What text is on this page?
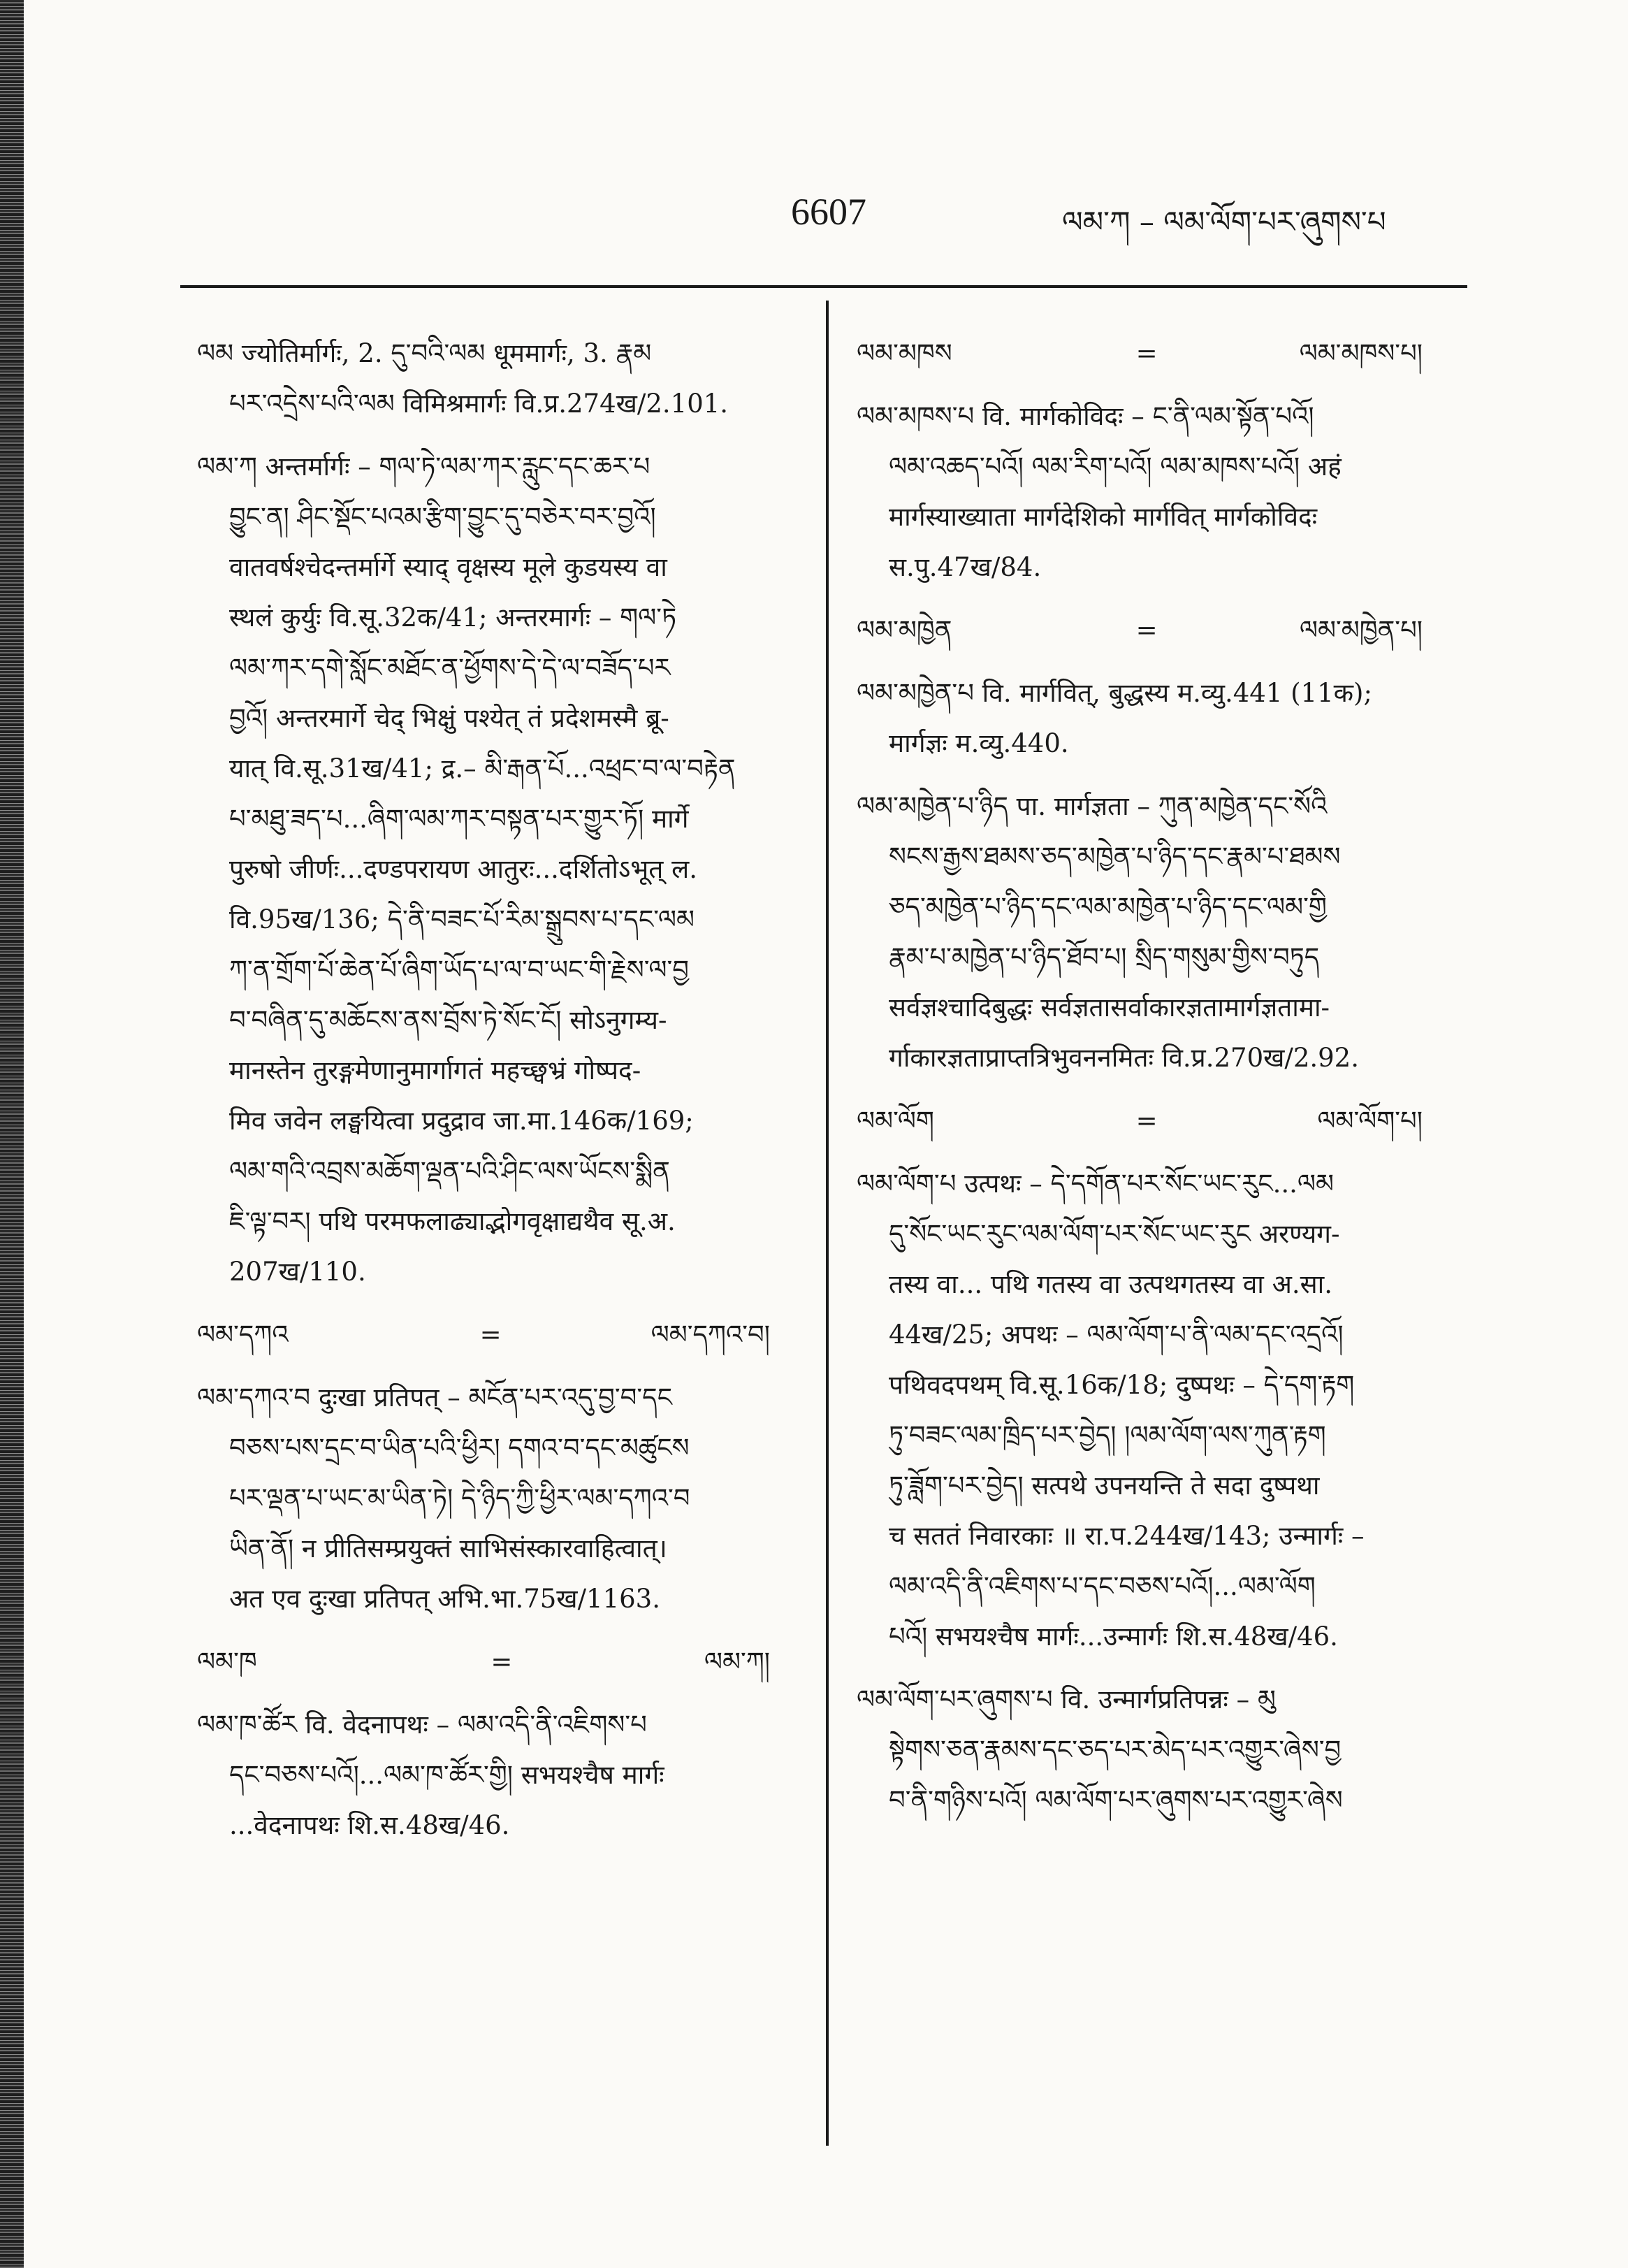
6607	ལམ་ཀ – ལམ་ལོག་པར་ཞུགས་པ
ལམ ज्योतिर्मार्गः, 2. དུ་བའི་ལམ धूममार्गः, 3. རྣམ
པར་འདྲེས་པའི་ལམ विमिश्रमार्गः वि.प्र.274ख/2.101.
ལམ་ཀ अन्तर्मार्गः – གལ་ཏེ་ལམ་ཀར་རླུང་དང་ཆར་པ
བྱུང་ན། ཤིང་སྡོང་པའམ་རྩིག་བྱུང་དུ་བཅེར་བར་བྱའོ།
वातवर्षश्चेदन्तर्मार्गे स्याद् वृक्षस्य मूले कुडयस्य वा
स्थलं कुर्युः वि.सू.32क/41; अन्तरमार्गः – གལ་ཏེ
ལམ་ཀར་དགེ་སློང་མཐོང་ན་ཕྱོགས་དེ་དེ་ལ་བཟོད་པར
བྱའོ། अन्तरमार्गे चेद् भिक्षुं पश्येत् तं प्रदेशमस्मै ब्रू-
यात् वि.सू.31ख/41; द्र.– མི་རྒན་པོ...འཕྲང་བ་ལ་བརྟེན
པ་མཐུ་ཟད་པ...ཞིག་ལམ་ཀར་བསྟན་པར་གྱུར་ཏོ། मार्गे
पुरुषो जीर्णः...दण्डपरायण आतुरः...दर्शितोऽभूत् ल.
वि.95ख/136; དེ་ནི་བཟང་པོ་རིམ་སྒྲུབས་པ་དང་ལམ
ཀ་ན་གྲོག་པོ་ཆེན་པོ་ཞིག་ཡོད་པ་ལ་བ་ཡང་གི་རྗེས་ལ་བྱ
བ་བཞིན་དུ་མཆོངས་ནས་བྲོས་ཏེ་སོང་ངོ། सोऽनुगम्य-
मानस्तेन तुरङ्गमेणानुमार्गागतं महच्छ्वभ्रं गोष्पद-
मिव जवेन लङ्घयित्वा प्रदुद्राव जा.मा.146क/169;
ལམ་གའི་འབྲས་མཆོག་ལྡན་པའི་ཤིང་ལས་ཡོངས་སྨིན
ཇི་ལྟ་བར། पथि परमफलाढ्याद्भोगवृक्षाद्यथैव सू.अ.
207ख/110.
ལམ་དཀའ	=	ལམ་དཀའ་བ།
ལམ་དཀའ་བ दुःखा प्रतिपत् – མངོན་པར་འདུ་བྱ་བ་དང
བཅས་པས་དྲང་བ་ཡིན་པའི་ཕྱིར། དགའ་བ་དང་མཚུངས
པར་ལྡན་པ་ཡང་མ་ཡིན་ཏེ། དེ་ཉིད་ཀྱི་ཕྱིར་ལམ་དཀའ་བ
ཡིན་ནོ། न प्रीतिसम्प्रयुक्तं साभिसंस्कारवाहित्वात्।
अत एव दुःखा प्रतिपत् अभि.भा.75ख/1163.
ལམ་ཁ	=	ལམ་ཀ།
ལམ་ཁ་ཚོར वि. वेदनापथः – ལམ་འདི་ནི་འཇིགས་པ
དང་བཅས་པའོ།...ལམ་ཁ་ཚོར་གྱི། सभयश्चैष मार्गः
...वेदनापथः शि.स.48ख/46.
ལམ་མཁས	=	ལམ་མཁས་པ།
ལམ་མཁས་པ वि. मार्गकोविदः – ང་ནི་ལམ་སྟོན་པའོ།
ལམ་འཆད་པའོ། ལམ་རིག་པའོ། ལམ་མཁས་པའོ། अहं
मार्गस्याख्याता मार्गदेशिको मार्गवित् मार्गकोविदः
स.पु.47ख/84.
ལམ་མཁྱེན	=	ལམ་མཁྱེན་པ།
ལམ་མཁྱེན་པ वि. मार्गवित्, बुद्धस्य म.व्यु.441 (11क);
मार्गज्ञः म.व्यु.440.
ལམ་མཁྱེན་པ་ཉིད पा. मार्गज्ञता – ཀུན་མཁྱེན་དང་སོའི
སངས་རྒྱས་ཐམས་ཅད་མཁྱེན་པ་ཉིད་དང་རྣམ་པ་ཐམས
ཅད་མཁྱེན་པ་ཉིད་དང་ལམ་མཁྱེན་པ་ཉིད་དང་ལམ་གྱི
རྣམ་པ་མཁྱེན་པ་ཉིད་ཐོབ་པ། སྲིད་གསུམ་གྱིས་བཏུད
सर्वज्ञश्चादिबुद्धः सर्वज्ञतासर्वाकारज्ञतामार्गज्ञतामा-
र्गाकारज्ञताप्राप्तत्रिभुवननमितः वि.प्र.270ख/2.92.
ལམ་ལོག	=	ལམ་ལོག་པ།
ལམ་ལོག་པ उत्पथः – དེ་དགོན་པར་སོང་ཡང་རུང...ལམ
དུ་སོང་ཡང་རུང་ལམ་ལོག་པར་སོང་ཡང་རུང अरण्यग-
तस्य वा... पथि गतस्य वा उत्पथगतस्य वा अ.सा.
44ख/25; अपथः – ལམ་ལོག་པ་ནི་ལམ་དང་འདྲའོ།
पथिवदपथम् वि.सू.16क/18; दुष्पथः – དེ་དག་རྟག
ཏུ་བཟང་ལམ་ཁྲིད་པར་བྱེད། །ལམ་ལོག་ལས་ཀུན་རྟག
ཏུ་ཟློག་པར་བྱེད། सत्पथे उपनयन्ति ते सदा दुष्पथा
च सततं निवारकाः ॥ रा.प.244ख/143; उन्मार्गः –
ལམ་འདི་ནི་འཇིགས་པ་དང་བཅས་པའོ།...ལམ་ལོག
པའོ། सभयश्चैष मार्गः...उन्मार्गः शि.स.48ख/46.
ལམ་ལོག་པར་ཞུགས་པ वि. उन्मार्गप्रतिपन्नः – མུ
སྟེགས་ཅན་རྣམས་དང་ཅད་པར་མེད་པར་འགྱུར་ཞེས་བྱ
བ་ནི་གཉིས་པའོ། ལམ་ལོག་པར་ཞུགས་པར་འགྱུར་ཞེས
